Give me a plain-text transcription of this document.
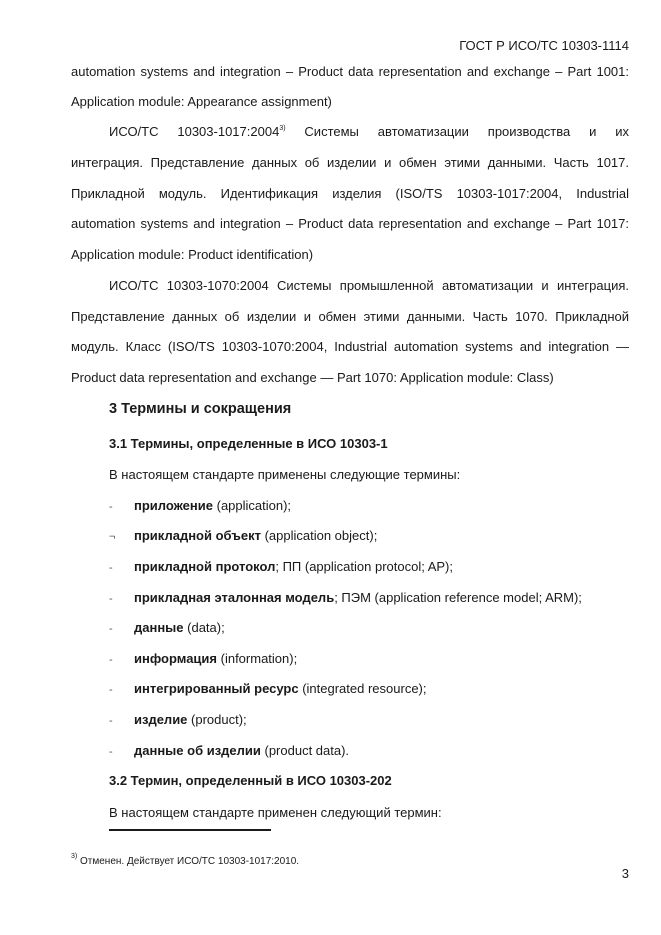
ГОСТ Р ИСО/ТС 10303-1114
automation systems and integration – Product data representation and exchange – Part 1001:
Application module: Appearance assignment)
ИСО/ТС 10303-1017:2004$^{3)}$ Системы автоматизации производства и их
интеграция. Представление данных об изделии и обмен этими данными. Часть 1017.
Прикладной модуль. Идентификация изделия (ISO/TS 10303-1017:2004, Industrial
automation systems and integration – Product data representation and exchange – Part 1017:
Application module: Product identification)
ИСО/ТС 10303-1070:2004 Системы промышленной автоматизации и интеграция.
Представление данных об изделии и обмен этими данными. Часть 1070. Прикладной
модуль. Класс (ISO/TS 10303-1070:2004, Industrial automation systems and integration —
Product data representation and exchange — Part 1070: Application module: Class)
3 Термины и сокращения
3.1 Термины, определенные в ИСО 10303-1
В настоящем стандарте применены следующие термины:
- приложение (application);
¬ прикладной объект (application object);
- прикладной протокол; ПП (application protocol; AP);
- прикладная эталонная модель; ПЭМ (application reference model; ARM);
- данные (data);
- информация (information);
- интегрированный ресурс (integrated resource);
- изделие (product);
- данные об изделии (product data).
3.2 Термин, определенный в ИСО 10303-202
В настоящем стандарте применен следующий термин:
$^{3)}$ Отменен. Действует ИСО/ТС 10303-1017:2010.
3
